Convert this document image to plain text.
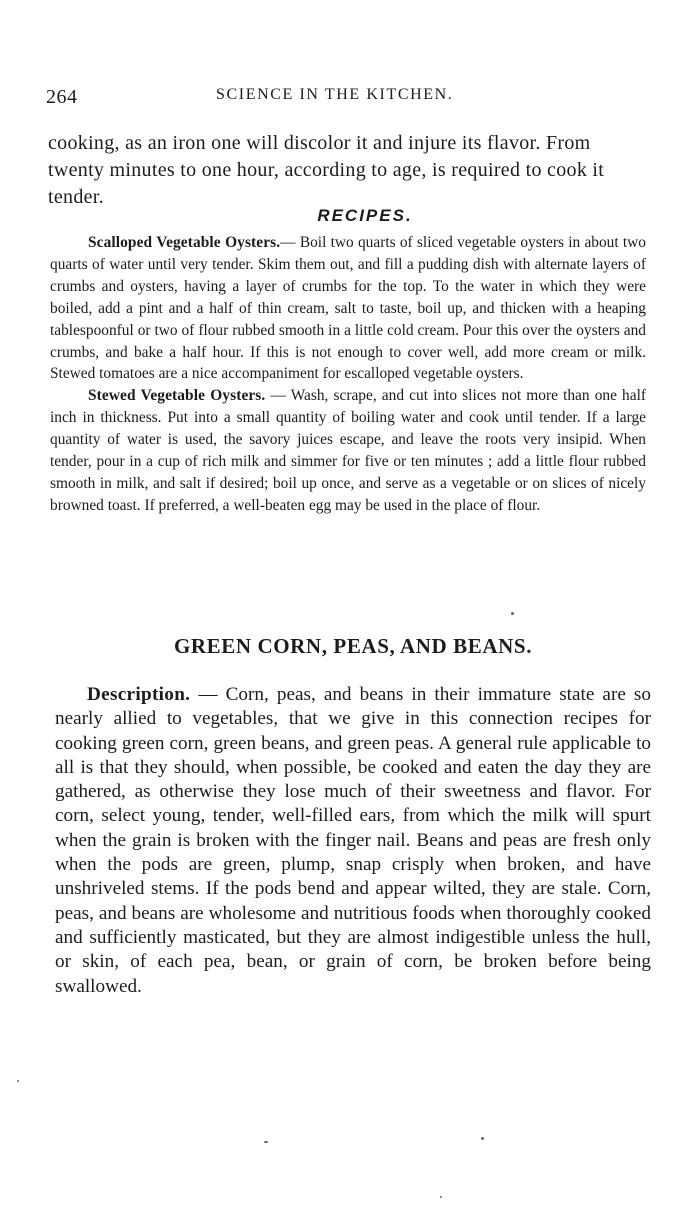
264	SCIENCE IN THE KITCHEN.

cooking, as an iron one will discolor it and injure its flavor. From twenty minutes to one hour, according to age, is required to cook it tender.

RECIPES.

Scalloped Vegetable Oysters.— Boil two quarts of sliced vegetable oysters in about two quarts of water until very tender. Skim them out, and fill a pudding dish with alternate layers of crumbs and oysters, having a layer of crumbs for the top. To the water in which they were boiled, add a pint and a half of thin cream, salt to taste, boil up, and thicken with a heaping tablespoonful or two of flour rubbed smooth in a little cold cream. Pour this over the oysters and crumbs, and bake a half hour. If this is not enough to cover well, add more cream or milk. Stewed tomatoes are a nice accompaniment for escalloped vegetable oysters.

Stewed Vegetable Oysters. — Wash, scrape, and cut into slices not more than one half inch in thickness. Put into a small quantity of boiling water and cook until tender. If a large quantity of water is used, the savory juices escape, and leave the roots very insipid. When tender, pour in a cup of rich milk and simmer for five or ten minutes ; add a little flour rubbed smooth in milk, and salt if desired; boil up once, and serve as a vegetable or on slices of nicely browned toast. If preferred, a well-beaten egg may be used in the place of flour.

GREEN CORN, PEAS, AND BEANS.

Description. — Corn, peas, and beans in their immature state are so nearly allied to vegetables, that we give in this connection recipes for cooking green corn, green beans, and green peas. A general rule applicable to all is that they should, when possible, be cooked and eaten the day they are gathered, as otherwise they lose much of their sweetness and flavor. For corn, select young, tender, well-filled ears, from which the milk will spurt when the grain is broken with the finger nail. Beans and peas are fresh only when the pods are green, plump, snap crisply when broken, and have unshriveled stems. If the pods bend and appear wilted, they are stale. Corn, peas, and beans are wholesome and nutritious foods when thoroughly cooked and sufficiently masticated, but they are almost indigestible unless the hull, or skin, of each pea, bean, or grain of corn, be broken before being swallowed.
